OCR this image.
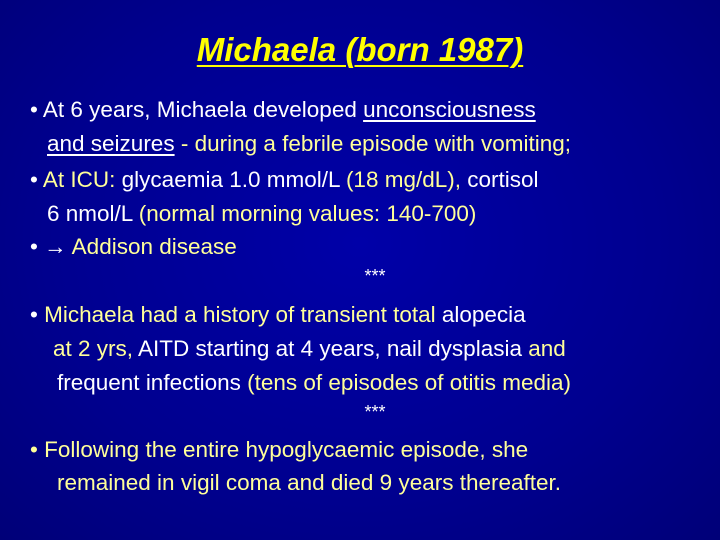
Michaela (born 1987)
• At 6 years, Michaela developed unconsciousness
and seizures - during a febrile episode with vomiting;
• At ICU: glycaemia 1.0 mmol/L (18 mg/dL), cortisol
6 nmol/L (normal morning values: 140-700)
• → Addison disease
***
• Michaela had a history of transient total alopecia
at 2 yrs, AITD starting at 4 years, nail dysplasia and
frequent infections (tens of episodes of otitis media)
***
• Following the entire hypoglycaemic episode, she
remained in vigil coma and died 9 years thereafter.
